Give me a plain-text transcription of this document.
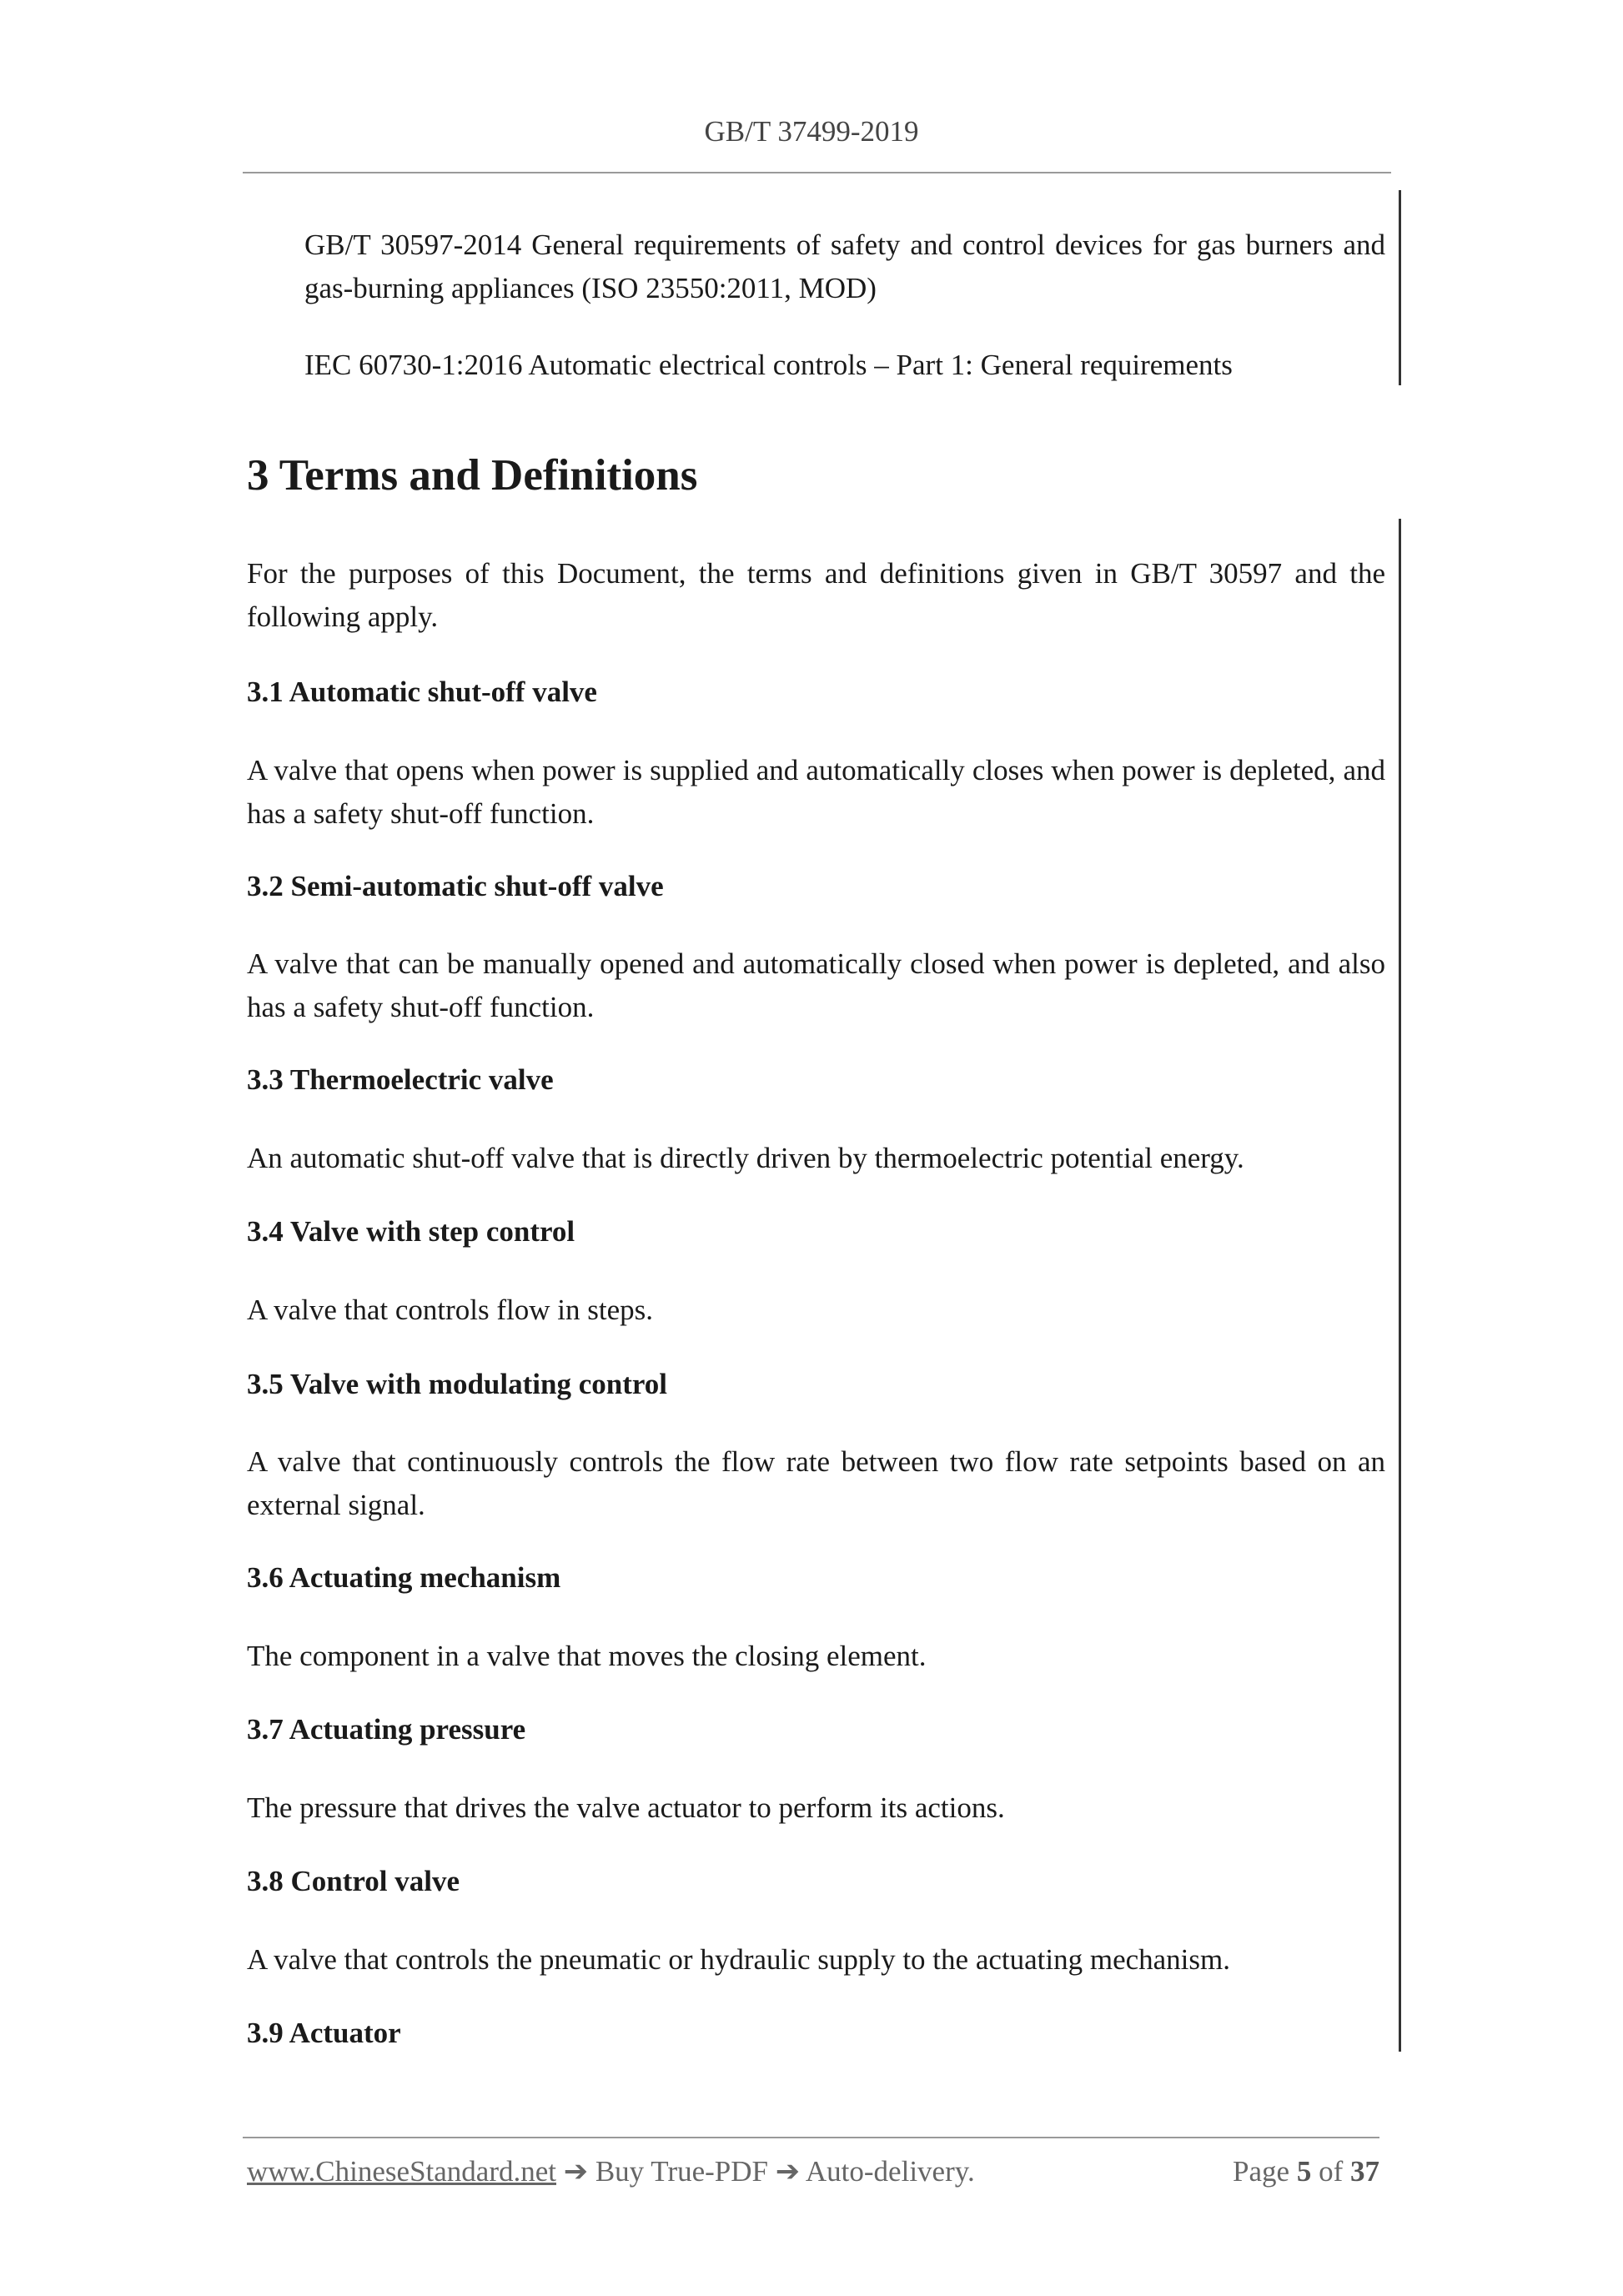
GB/T 37499-2019

GB/T 30597-2014 General requirements of safety and control devices for gas burners and gas-burning appliances (ISO 23550:2011, MOD)

IEC 60730-1:2016 Automatic electrical controls – Part 1: General requirements

3 Terms and Definitions

For the purposes of this Document, the terms and definitions given in GB/T 30597 and the following apply.

3.1 Automatic shut-off valve

A valve that opens when power is supplied and automatically closes when power is depleted, and has a safety shut-off function.

3.2 Semi-automatic shut-off valve

A valve that can be manually opened and automatically closed when power is depleted, and also has a safety shut-off function.

3.3 Thermoelectric valve

An automatic shut-off valve that is directly driven by thermoelectric potential energy.

3.4 Valve with step control

A valve that controls flow in steps.

3.5 Valve with modulating control

A valve that continuously controls the flow rate between two flow rate setpoints based on an external signal.

3.6 Actuating mechanism

The component in a valve that moves the closing element.

3.7 Actuating pressure

The pressure that drives the valve actuator to perform its actions.

3.8 Control valve

A valve that controls the pneumatic or hydraulic supply to the actuating mechanism.

3.9 Actuator
www.ChineseStandard.net ➔ Buy True-PDF ➔ Auto-delivery.	Page 5 of 37
